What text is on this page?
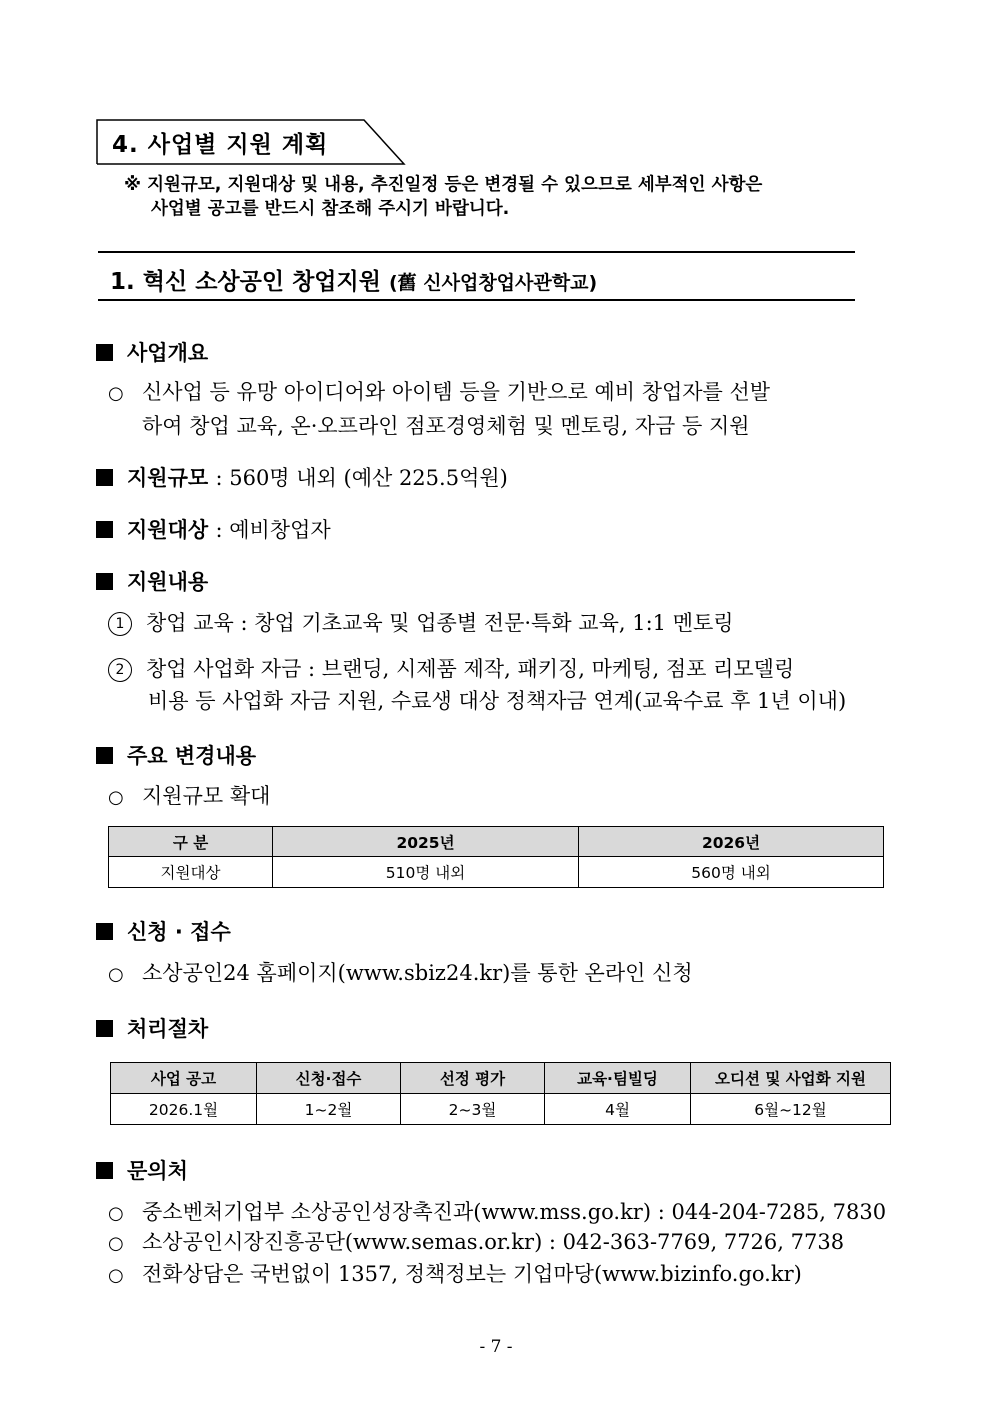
4. 사업별 지원 계획
※ 지원규모, 지원대상 및 내용, 추진일정 등은 변경될 수 있으므로 세부적인 사항은
사업별 공고를 반드시 참조해 주시기 바랍니다.
1. 혁신 소상공인 창업지원 (舊 신사업창업사관학교)
사업개요
○ 신사업 등 유망 아이디어와 아이템 등을 기반으로 예비 창업자를 선발
하여 창업 교육, 온·오프라인 점포경영체험 및 멘토링, 자금 등 지원
지원규모 : 560명 내외 (예산 225.5억원)
지원대상 : 예비창업자
지원내용
1 창업 교육 : 창업 기초교육 및 업종별 전문·특화 교육, 1:1 멘토링
2 창업 사업화 자금 : 브랜딩, 시제품 제작, 패키징, 마케팅, 점포 리모델링
비용 등 사업화 자금 지원, 수료생 대상 정책자금 연계(교육수료 후 1년 이내)
주요 변경내용
○ 지원규모 확대
구 분	2025년	2026년
지원대상	510명 내외	560명 내외
신청 · 접수
○ 소상공인24 홈페이지(www.sbiz24.kr)를 통한 온라인 신청
처리절차
사업 공고	신청·접수	선정 평가	교육·팀빌딩	오디션 및 사업화 지원
2026.1월	1~2월	2~3월	4월	6월~12월
문의처
○ 중소벤처기업부 소상공인성장촉진과(www.mss.go.kr) : 044-204-7285, 7830
○ 소상공인시장진흥공단(www.semas.or.kr) : 042-363-7769, 7726, 7738
○ 전화상담은 국번없이 1357, 정책정보는 기업마당(www.bizinfo.go.kr)
- 7 -
